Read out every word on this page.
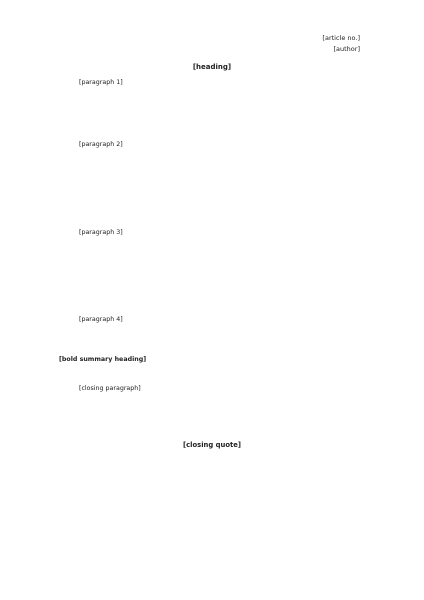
[article no.]
[author]
[heading]
[paragraph 1]
[paragraph 2]
[paragraph 3]
[paragraph 4]
[bold summary heading]
[closing paragraph]
[closing quote]
